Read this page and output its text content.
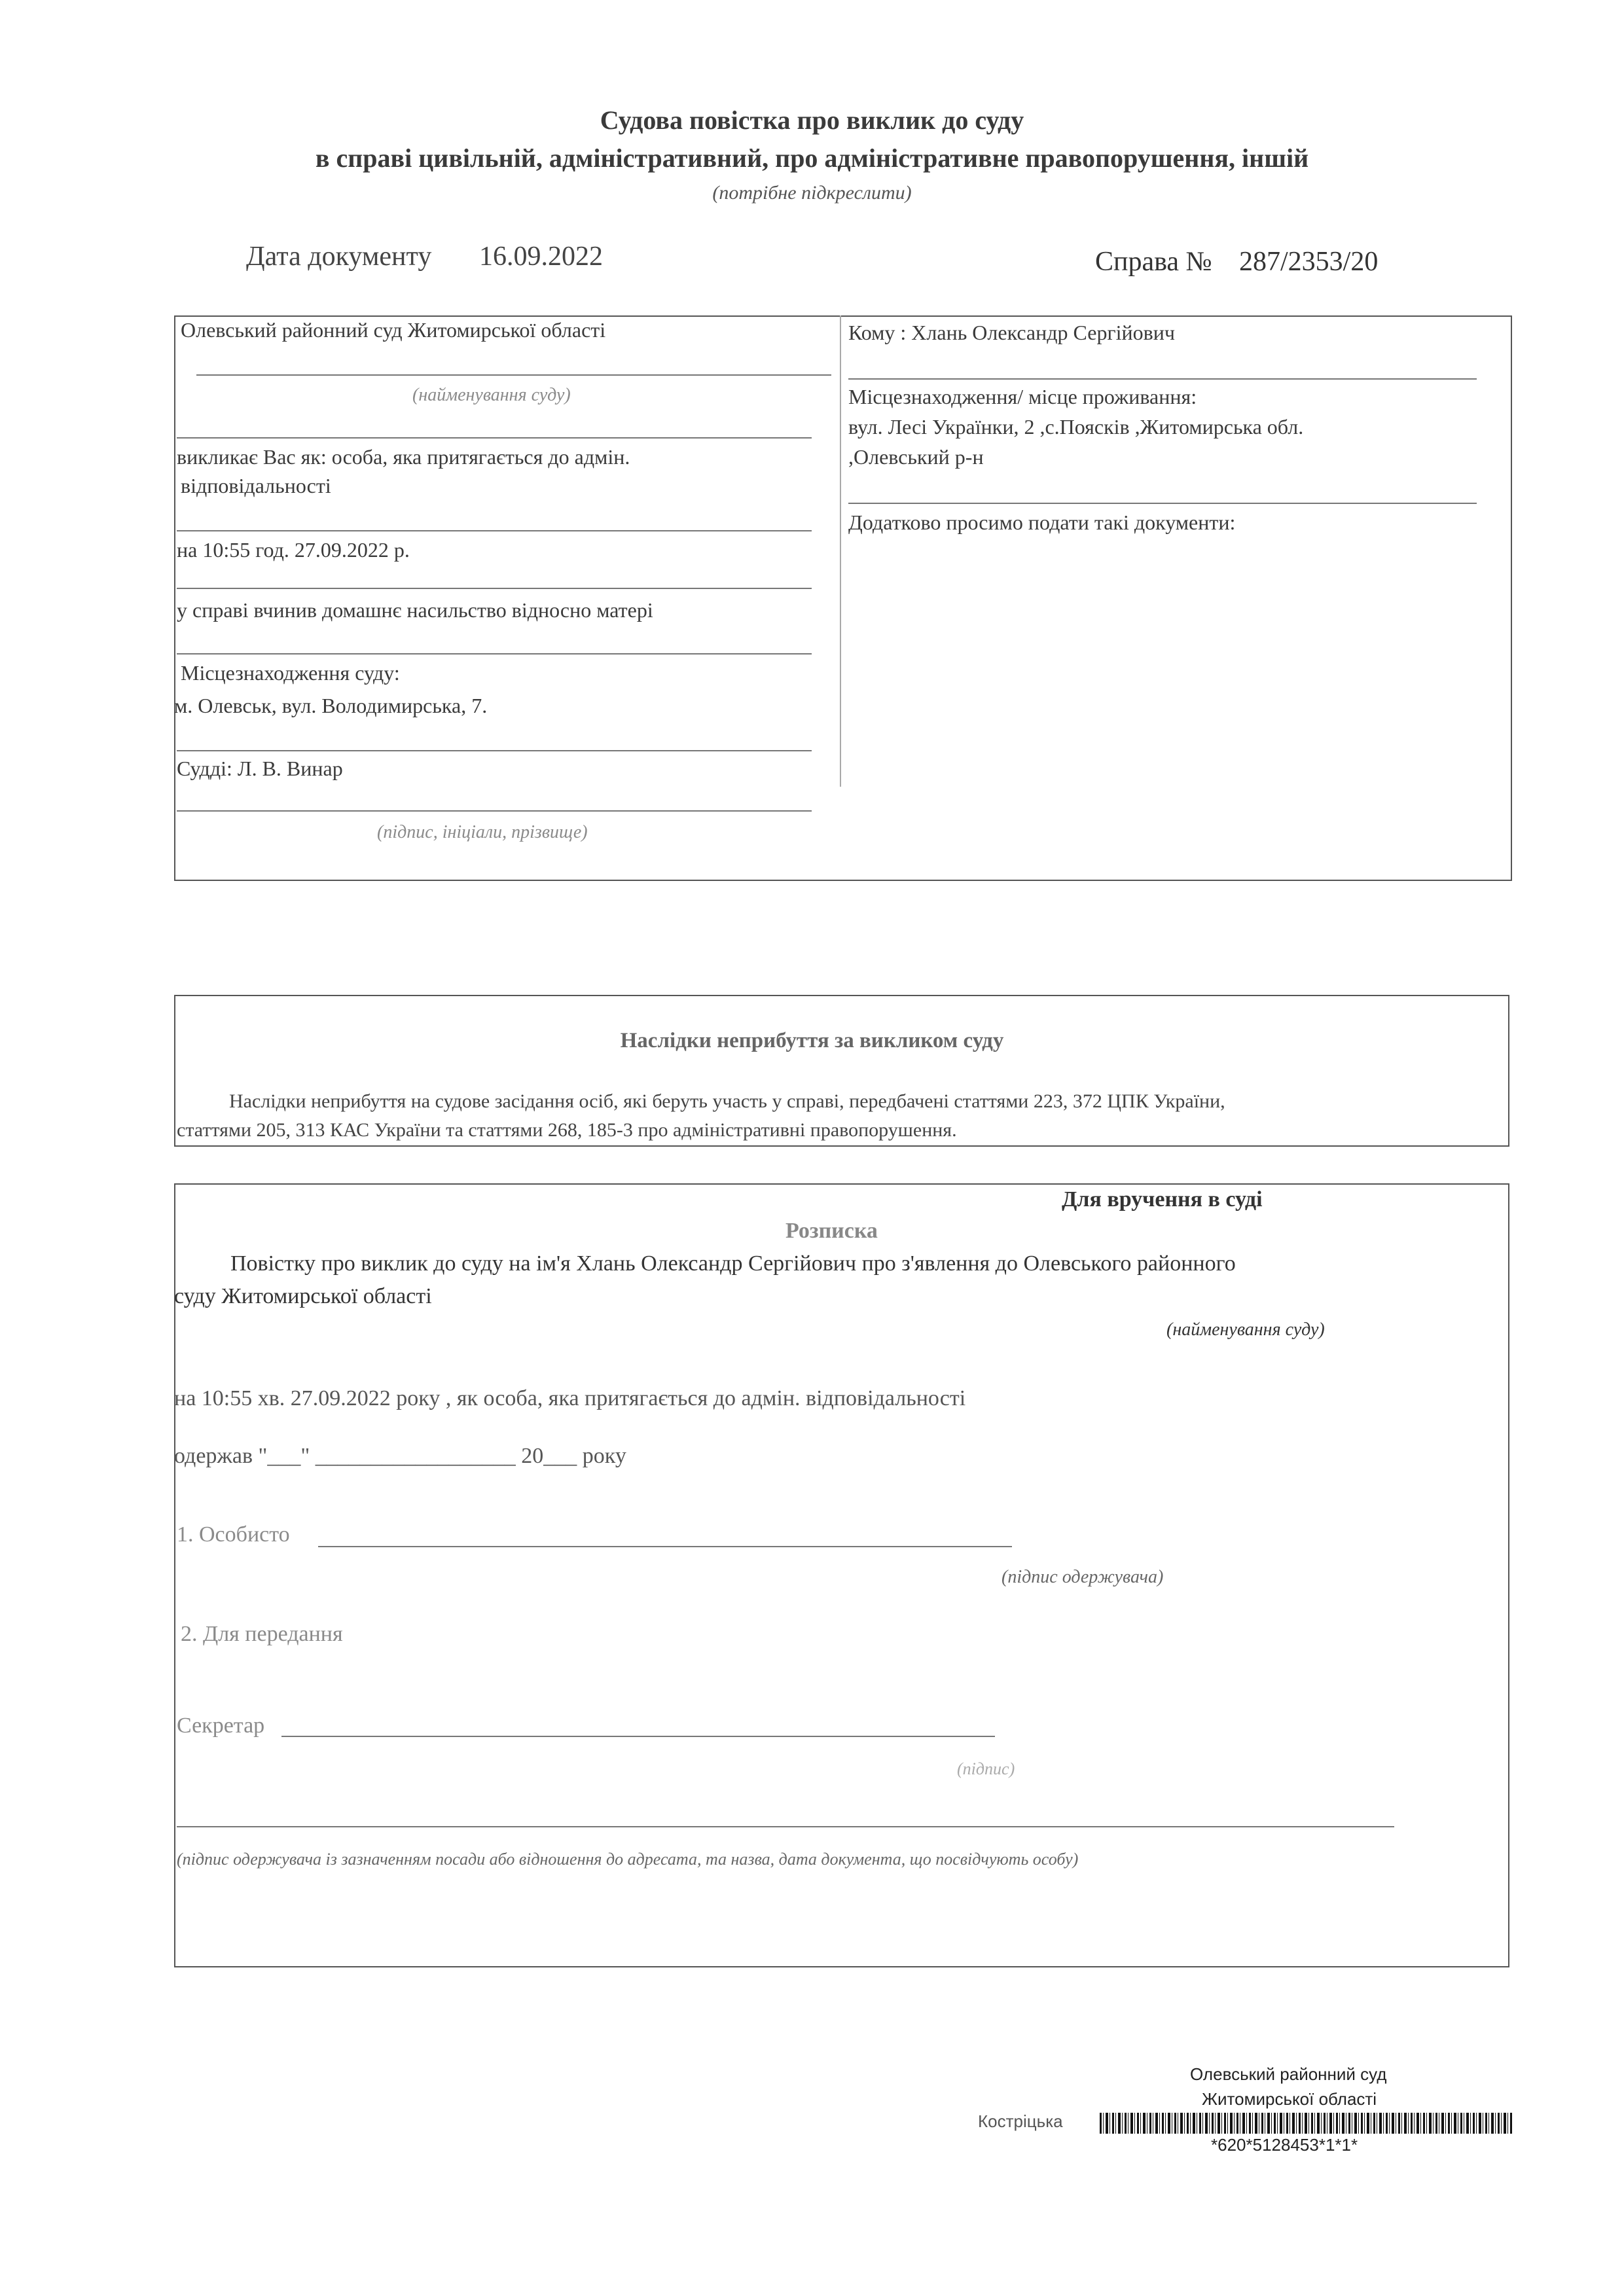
Судова повістка про виклик до суду
в справі цивільній, адміністративний, про адміністративне правопорушення, іншій
(потрібне підкреслити)
Дата документу 16.09.2022	Справа № 287/2353/20
Олевський районний суд Житомирської області
(найменування суду)
викликає Вас як: особа, яка притягається до адмін.
відповідальності
на 10:55 год. 27.09.2022 р.
у справі вчинив домашнє насильство відносно матері
Місцезнаходження суду:
м. Олевськ, вул. Володимирська, 7.
Судді: Л. В. Винар
(підпис, ініціали, прізвище)
Кому : Хлань Олександр Сергійович
Місцезнаходження/ місце проживання:
вул. Лесі Українки, 2 ,с.Поясків ,Житомирська обл.
,Олевський р-н
Додатково просимо подати такі документи:
Наслідки неприбуття за викликом суду
Наслідки неприбуття на судове засідання осіб, які беруть участь у справі, передбачені статтями 223, 372 ЦПК України,
статтями 205, 313 КАС України та статтями 268, 185-3 про адміністративні правопорушення.
Для вручення в суді
Розписка
Повістку про виклик до суду на ім'я Хлань Олександр Сергійович про з'явлення до Олевського районного
суду Житомирської області
(найменування суду)
на 10:55 хв. 27.09.2022 року , як особа, яка притягається до адмін. відповідальності
одержав "___" __________________ 20___ року
1. Особисто
(підпис одержувача)
2. Для передання
Секретар
(підпис)
(підпис одержувача із зазначенням посади або відношення до адресата, та назва, дата документа, що посвідчують особу)
Олевський районний суд
Житомирської області
Костріцька
*620*5128453*1*1*
